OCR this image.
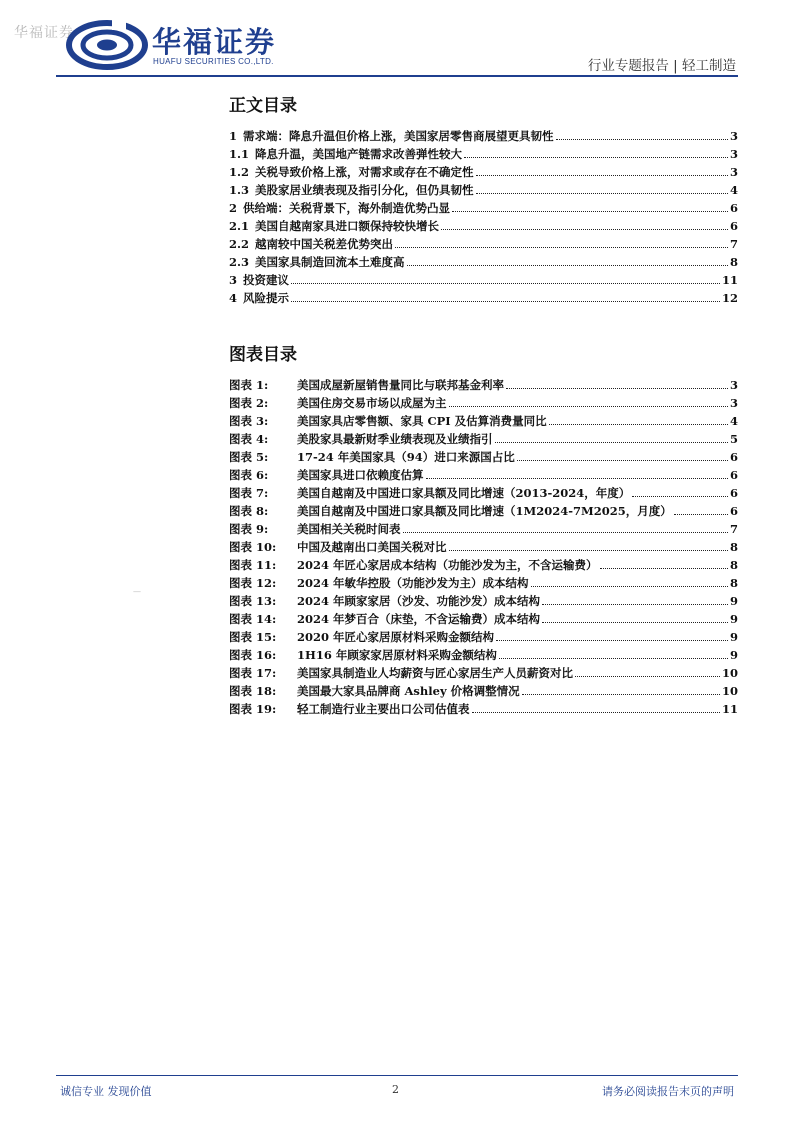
华福证券	华福证券
HUAFU SECURITIES CO.,LTD.	行业专题报告 | 轻工制造
正文目录
1 需求端：降息升温但价格上涨，美国家居零售商展望更具韧性	3
1.1 降息升温，美国地产链需求改善弹性较大	3
1.2 关税导致价格上涨，对需求或存在不确定性	3
1.3 美股家居业绩表现及指引分化，但仍具韧性	4
2 供给端：关税背景下，海外制造优势凸显	6
2.1 美国自越南家具进口额保持较快增长	6
2.2 越南较中国关税差优势突出	7
2.3 美国家具制造回流本土难度高	8
3 投资建议	11
4 风险提示	12
图表目录
图表 1:	美国成屋新屋销售量同比与联邦基金利率	3
图表 2:	美国住房交易市场以成屋为主	3
图表 3:	美国家具店零售额、家具 CPI 及估算消费量同比	4
图表 4:	美股家具最新财季业绩表现及业绩指引	5
图表 5:	17-24 年美国家具（94）进口来源国占比	6
图表 6:	美国家具进口依赖度估算	6
图表 7:	美国自越南及中国进口家具额及同比增速（2013-2024，年度）	6
图表 8:	美国自越南及中国进口家具额及同比增速（1M2024-7M2025，月度）	6
图表 9:	美国相关关税时间表	7
图表 10:	中国及越南出口美国关税对比	8
图表 11:	2024 年匠心家居成本结构（功能沙发为主，不含运输费）	8
图表 12:	2024 年敏华控股（功能沙发为主）成本结构	8
图表 13:	2024 年顾家家居（沙发、功能沙发）成本结构	9
图表 14:	2024 年梦百合（床垫，不含运输费）成本结构	9
图表 15:	2020 年匠心家居原材料采购金额结构	9
图表 16:	1H16 年顾家家居原材料采购金额结构	9
图表 17:	美国家具制造业人均薪资与匠心家居生产人员薪资对比	10
图表 18:	美国最大家具品牌商 Ashley 价格调整情况	10
图表 19:	轻工制造行业主要出口公司估值表	11
—
诚信专业 发现价值	2	请务必阅读报告末页的声明
